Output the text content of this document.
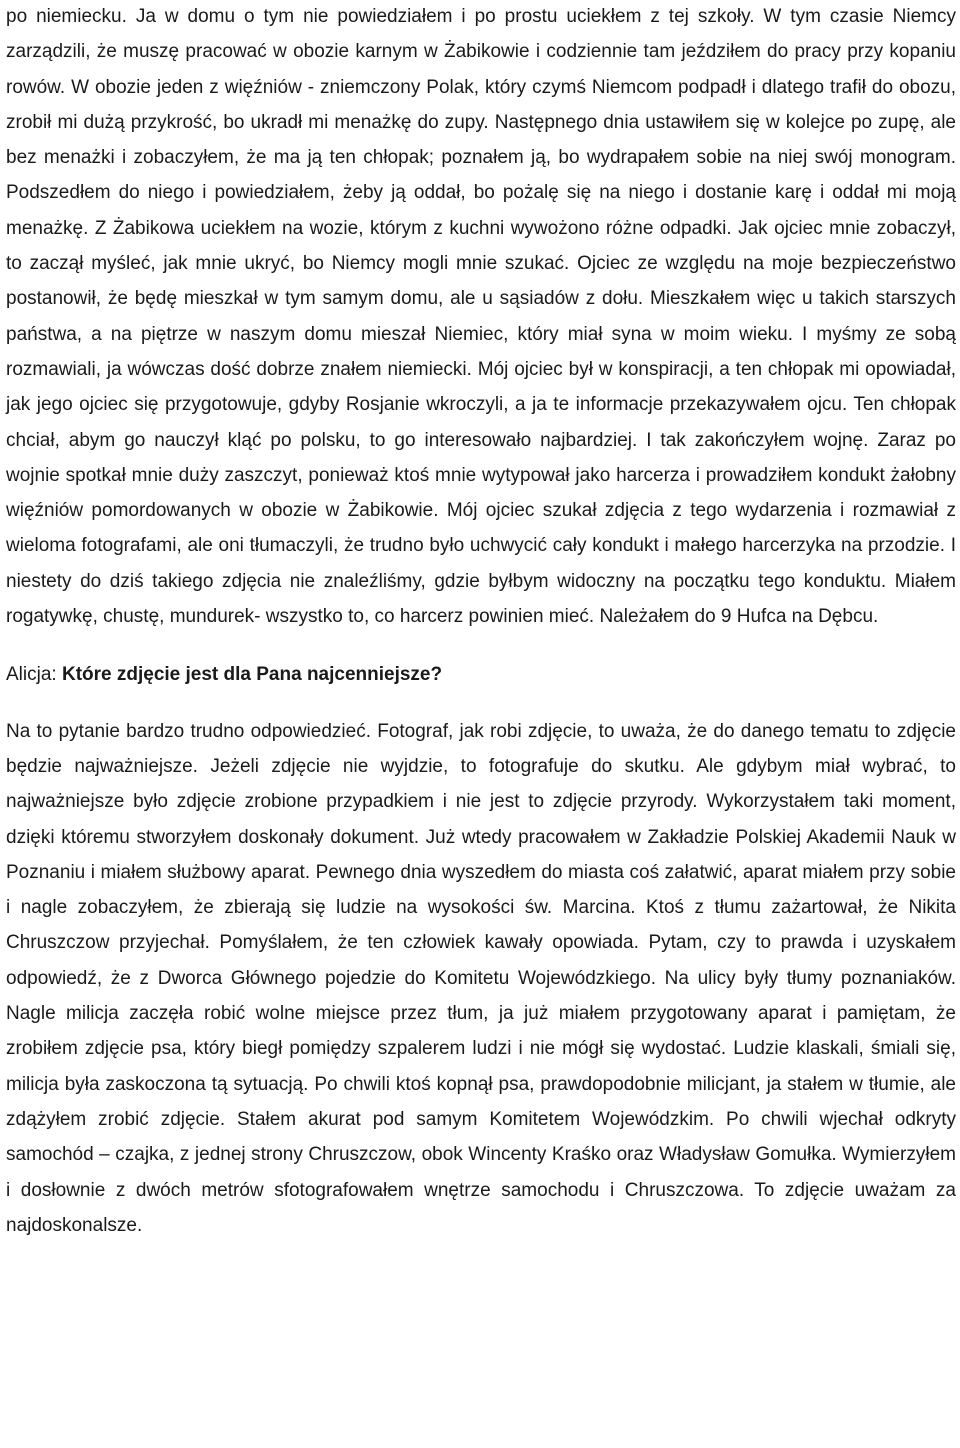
po niemiecku. Ja w domu o tym nie powiedziałem i po prostu uciekłem z tej szkoły. W tym czasie Niemcy zarządzili, że muszę pracować w obozie karnym w Żabikowie i codziennie tam jeździłem do pracy przy kopaniu rowów. W obozie jeden z więźniów - zniemczony Polak, który czymś Niemcom podpadł i dlatego trafił do obozu, zrobił mi dużą przykrość, bo ukradł mi menażkę do zupy. Następnego dnia ustawiłem się w kolejce po zupę, ale bez menażki i zobaczyłem, że ma ją ten chłopak; poznałem ją, bo wydrapałem sobie na niej swój monogram. Podszedłem do niego i powiedziałem, żeby ją oddał, bo pożalę się na niego i dostanie karę i oddał mi moją menażkę. Z Żabikowa uciekłem na wozie, którym z kuchni wywożono różne odpadki. Jak ojciec mnie zobaczył, to zaczął myśleć, jak mnie ukryć, bo Niemcy mogli mnie szukać. Ojciec ze względu na moje bezpieczeństwo postanowił, że będę mieszkał w tym samym domu, ale u sąsiadów z dołu. Mieszkałem więc u takich starszych państwa, a na piętrze w naszym domu mieszał Niemiec, który miał syna w moim wieku. I myśmy ze sobą rozmawiali, ja wówczas dość dobrze znałem niemiecki. Mój ojciec był w konspiracji, a ten chłopak mi opowiadał, jak jego ojciec się przygotowuje, gdyby Rosjanie wkroczyli, a ja te informacje przekazywałem ojcu. Ten chłopak chciał, abym go nauczył kląć po polsku, to go interesowało najbardziej. I tak zakończyłem wojnę. Zaraz po wojnie spotkał mnie duży zaszczyt, ponieważ ktoś mnie wytypował jako harcerza i prowadziłem kondukt żałobny więźniów pomordowanych w obozie w Żabikowie. Mój ojciec szukał zdjęcia z tego wydarzenia i rozmawiał z wieloma fotografami, ale oni tłumaczyli, że trudno było uchwycić cały kondukt i małego harcerzyka na przodzie. I niestety do dziś takiego zdjęcia nie znaleźliśmy, gdzie byłbym widoczny na początku tego konduktu. Miałem rogatywkę, chustę, mundurek- wszystko to, co harcerz powinien mieć. Należałem do 9 Hufca na Dębcu.

Alicja: Które zdjęcie jest dla Pana najcenniejsze?

Na to pytanie bardzo trudno odpowiedzieć. Fotograf, jak robi zdjęcie, to uważa, że do danego tematu to zdjęcie będzie najważniejsze. Jeżeli zdjęcie nie wyjdzie, to fotografuje do skutku. Ale gdybym miał wybrać, to najważniejsze było zdjęcie zrobione przypadkiem i nie jest to zdjęcie przyrody. Wykorzystałem taki moment, dzięki któremu stworzyłem doskonały dokument. Już wtedy pracowałem w Zakładzie Polskiej Akademii Nauk w Poznaniu i miałem służbowy aparat. Pewnego dnia wyszedłem do miasta coś załatwić, aparat miałem przy sobie i nagle zobaczyłem, że zbierają się ludzie na wysokości św. Marcina. Ktoś z tłumu zażartował, że Nikita Chruszczow przyjechał. Pomyślałem, że ten człowiek kawały opowiada. Pytam, czy to prawda i uzyskałem odpowiedź, że z Dworca Głównego pojedzie do Komitetu Wojewódzkiego. Na ulicy były tłumy poznaniaków. Nagle milicja zaczęła robić wolne miejsce przez tłum, ja już miałem przygotowany aparat i pamiętam, że zrobiłem zdjęcie psa, który biegł pomiędzy szpalerem ludzi i nie mógł się wydostać. Ludzie klaskali, śmiali się, milicja była zaskoczona tą sytuacją. Po chwili ktoś kopnął psa, prawdopodobnie milicjant, ja stałem w tłumie, ale zdążyłem zrobić zdjęcie. Stałem akurat pod samym Komitetem Wojewódzkim. Po chwili wjechał odkryty samochód – czajka, z jednej strony Chruszczow, obok Wincenty Kraśko oraz Władysław Gomułka. Wymierzyłem i dosłownie z dwóch metrów sfotografowałem wnętrze samochodu i Chruszczowa. To zdjęcie uważam za najdoskonalsze.
